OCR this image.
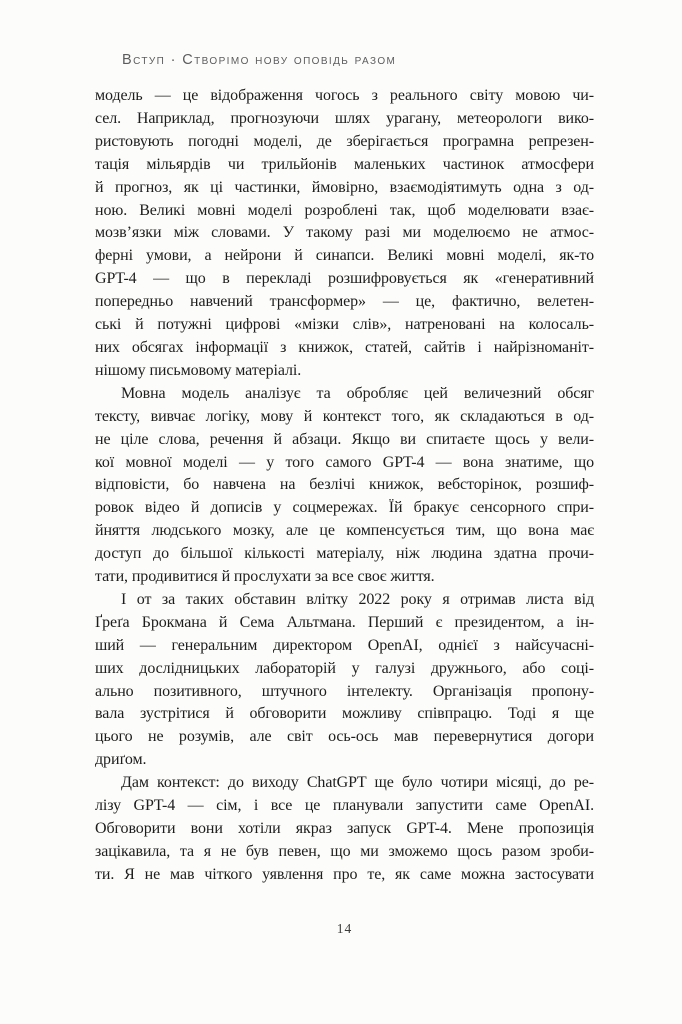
Вступ · Створімо нову оповідь разом

модель — це відображення чогось з реального світу мовою чи-
сел. Наприклад, прогнозуючи шлях урагану, метеорологи вико-
ристовують погодні моделі, де зберігається програмна репрезен-
тація мільярдів чи трильйонів маленьких частинок атмосфери
й прогноз, як ці частинки, ймовірно, взаємодіятимуть одна з од-
ною. Великі мовні моделі розроблені так, щоб моделювати взає-
мозв’язки між словами. У такому разі ми моделюємо не атмос-
ферні умови, а нейрони й синапси. Великі мовні моделі, як-то
GPT-4 — що в перекладі розшифровується як «генеративний
попередньо навчений трансформер» — це, фактично, велетен-
ські й потужні цифрові «мізки слів», натреновані на колосаль-
них обсягах інформації з книжок, статей, сайтів і найрізноманіт-
нішому письмовому матеріалі.

Мовна модель аналізує та обробляє цей величезний обсяг
тексту, вивчає логіку, мову й контекст того, як складаються в од-
не ціле слова, речення й абзаци. Якщо ви спитаєте щось у вели-
кої мовної моделі — у того самого GPT-4 — вона знатиме, що
відповісти, бо навчена на безлічі книжок, вебсторінок, розшиф-
ровок відео й дописів у соцмережах. Їй бракує сенсорного спри-
йняття людського мозку, але це компенсується тим, що вона має
доступ до більшої кількості матеріалу, ніж людина здатна прочи-
тати, продивитися й прослухати за все своє життя.

І от за таких обставин влітку 2022 року я отримав листа від
Ґреґа Брокмана й Сема Альтмана. Перший є президентом, а ін-
ший — генеральним директором OpenAI, однієї з найсучасні-
ших дослідницьких лабораторій у галузі дружнього, або соці-
ально позитивного, штучного інтелекту. Організація пропону-
вала зустрітися й обговорити можливу співпрацю. Тоді я ще
цього не розумів, але світ ось-ось мав перевернутися догори
дриґом.

Дам контекст: до виходу ChatGPT ще було чотири місяці, до ре-
лізу GPT-4 — сім, і все це планували запустити саме OpenAI.
Обговорити вони хотіли якраз запуск GPT-4. Мене пропозиція
зацікавила, та я не був певен, що ми зможемо щось разом зроби-
ти. Я не мав чіткого уявлення про те, як саме можна застосувати

14
